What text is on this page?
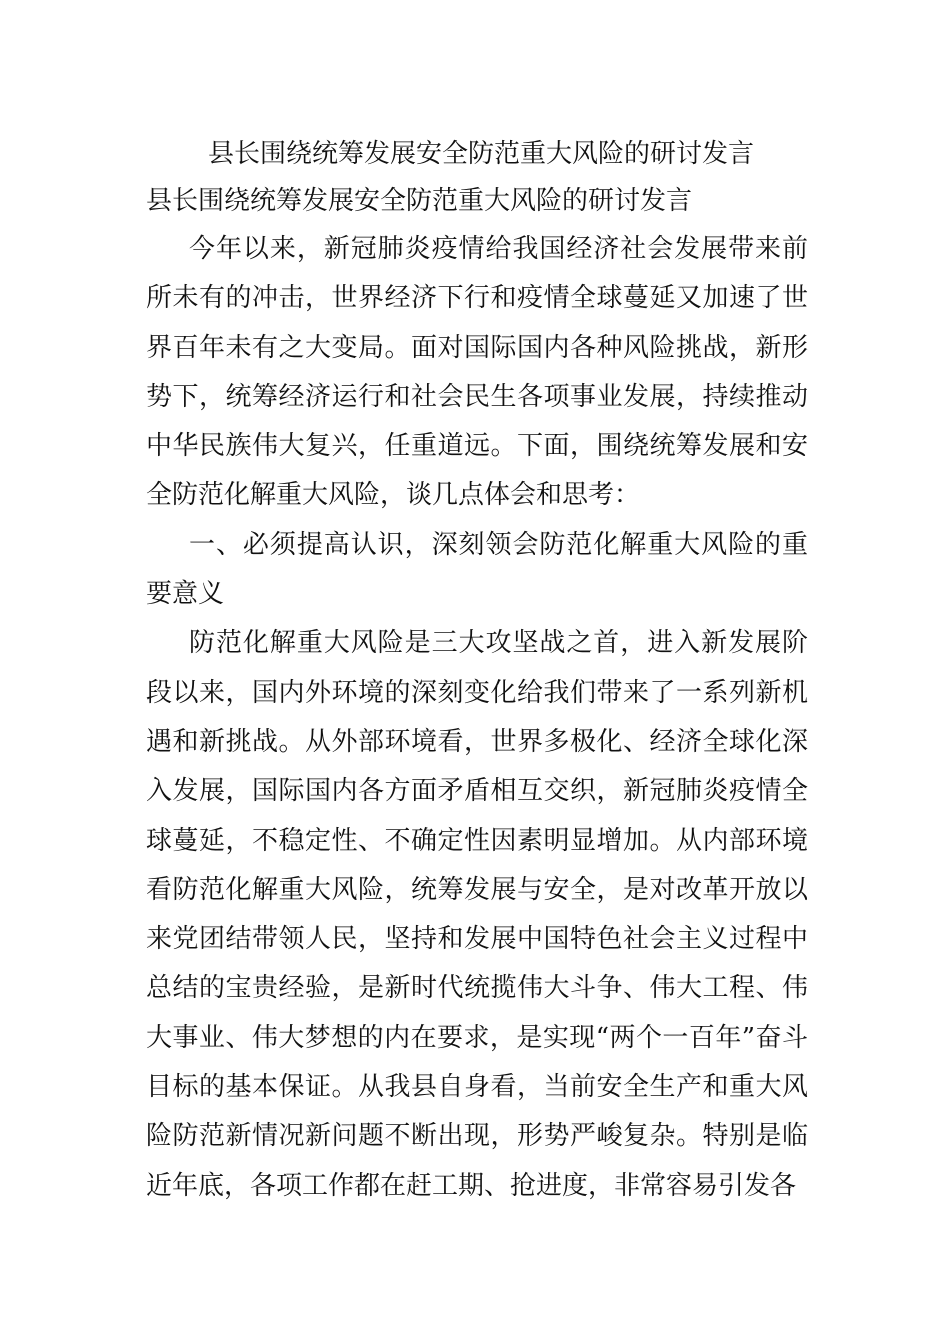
县长围绕统筹发展安全防范重大风险的研讨发言
县长围绕统筹发展安全防范重大风险的研讨发言

今年以来，新冠肺炎疫情给我国经济社会发展带来前所未有的冲击，世界经济下行和疫情全球蔓延又加速了世界百年未有之大变局。面对国际国内各种风险挑战，新形势下，统筹经济运行和社会民生各项事业发展，持续推动中华民族伟大复兴，任重道远。下面，围绕统筹发展和安全防范化解重大风险，谈几点体会和思考：

一、必须提高认识，深刻领会防范化解重大风险的重要意义

防范化解重大风险是三大攻坚战之首，进入新发展阶段以来，国内外环境的深刻变化给我们带来了一系列新机遇和新挑战。从外部环境看，世界多极化、经济全球化深入发展，国际国内各方面矛盾相互交织，新冠肺炎疫情全球蔓延，不稳定性、不确定性因素明显增加。从内部环境看防范化解重大风险，统筹发展与安全，是对改革开放以来党团结带领人民，坚持和发展中国特色社会主义过程中总结的宝贵经验，是新时代统揽伟大斗争、伟大工程、伟大事业、伟大梦想的内在要求，是实现“两个一百年”奋斗目标的基本保证。从我县自身看，当前安全生产和重大风险防范新情况新问题不断出现，形势严峻复杂。特别是临近年底，各项工作都在赶工期、抢进度，非常容易引发各
